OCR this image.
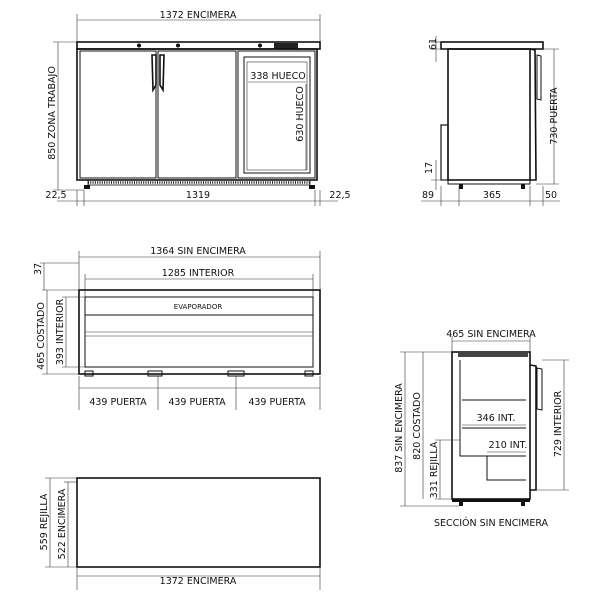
1372 ENCIMERA
338 HUECO
630 HUECO
850 ZONA TRABAJO
22,5	1319	22,5
61
17
730 PUERTA
89	365	50
1364 SIN ENCIMERA
1285 INTERIOR
EVAPORADOR
37
465 COSTADO 393 INTERIOR
439 PUERTA 439 PUERTA 439 PUERTA
465 SIN ENCIMERA
346 INT.
210 INT.
837 SIN ENCIMERA 820 COSTADO
331 REJILLA
729 INTERIOR
SECCIÓN SIN ENCIMERA
559 REJILLA 522 ENCIMERA
1372 ENCIMERA
